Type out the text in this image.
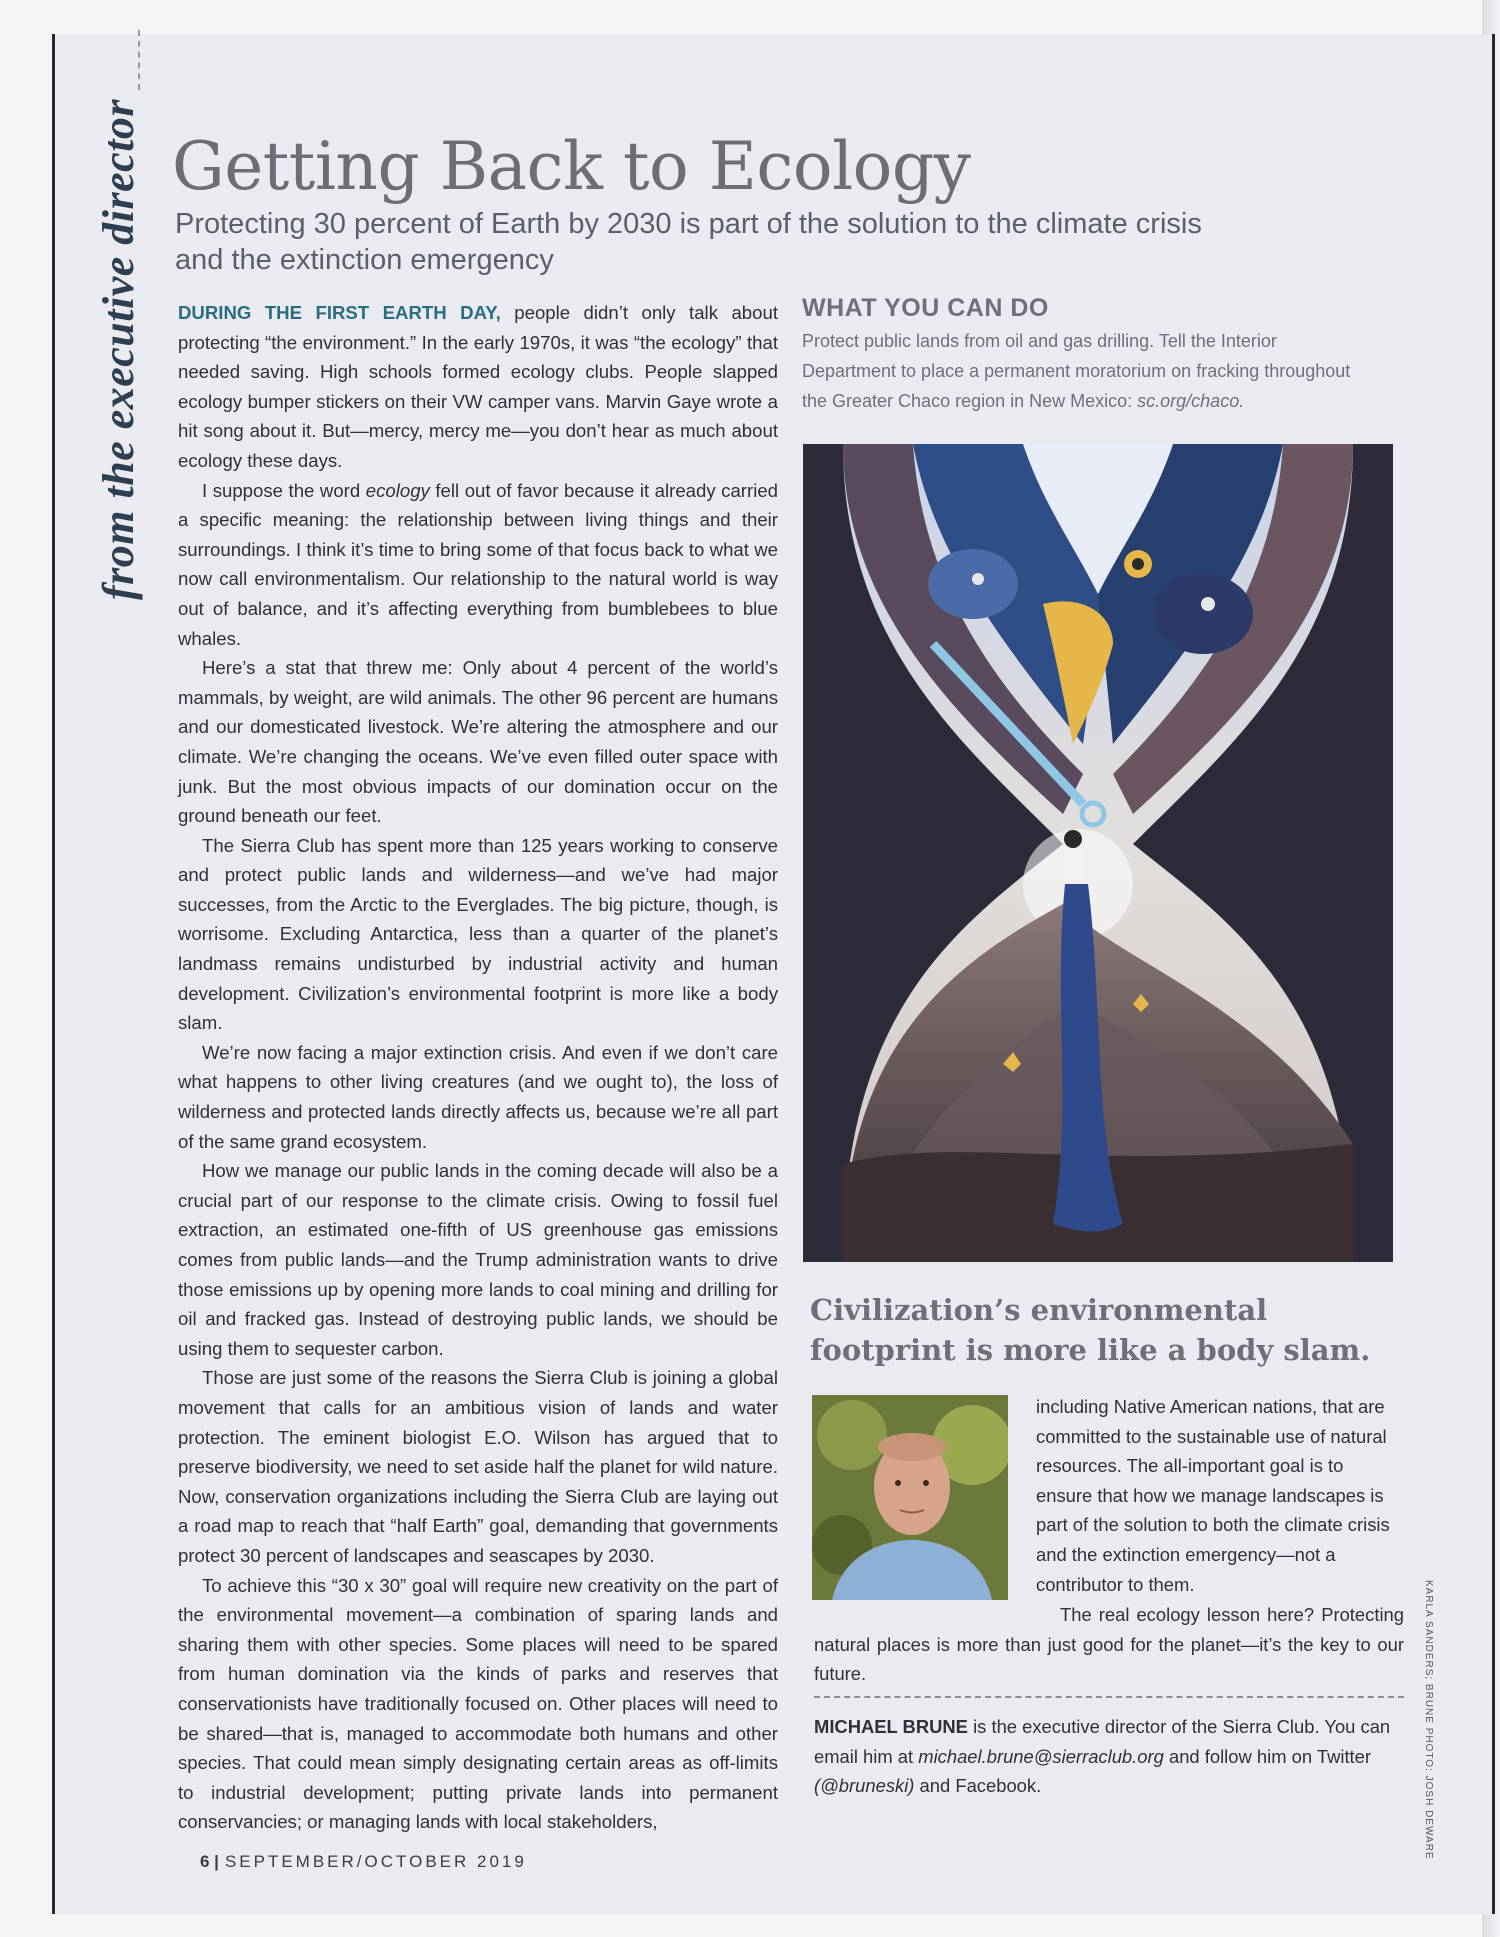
from the executive director Getting Back to Ecology

Protecting 30 percent of Earth by 2030 is part of the solution to the climate crisis and the extinction emergency

DURING THE FIRST EARTH DAY, people didn’t only talk about protecting “the environment.” In the early 1970s, it was “the ecology” that needed saving. High schools formed ecology clubs. People slapped ecology bumper stickers on their VW camper vans. Marvin Gaye wrote a hit song about it. But—mercy, mercy me—you don’t hear as much about ecology these days.

I suppose the word ecology fell out of favor because it already carried a specific meaning: the relationship between living things and their surroundings. I think it’s time to bring some of that focus back to what we now call environmentalism. Our relationship to the natural world is way out of balance, and it’s affecting everything from bumblebees to blue whales.

Here’s a stat that threw me: Only about 4 percent of the world’s mammals, by weight, are wild animals. The other 96 percent are humans and our domesticated livestock. We’re altering the atmosphere and our climate. We’re changing the oceans. We’ve even filled outer space with junk. But the most obvious impacts of our domination occur on the ground beneath our feet.

The Sierra Club has spent more than 125 years working to conserve and protect public lands and wilderness—and we’ve had major successes, from the Arctic to the Everglades. The big picture, though, is worrisome. Excluding Antarctica, less than a quarter of the planet’s landmass remains undisturbed by industrial activity and human development. Civilization’s environmental footprint is more like a body slam.

We’re now facing a major extinction crisis. And even if we don’t care what happens to other living creatures (and we ought to), the loss of wilderness and protected lands directly affects us, because we’re all part of the same grand ecosystem.

How we manage our public lands in the coming decade will also be a crucial part of our response to the climate crisis. Owing to fossil fuel extraction, an estimated one-fifth of US greenhouse gas emissions comes from public lands—and the Trump administration wants to drive those emissions up by opening more lands to coal mining and drilling for oil and fracked gas. Instead of destroying public lands, we should be using them to sequester carbon.

Those are just some of the reasons the Sierra Club is joining a global movement that calls for an ambitious vision of lands and water protection. The eminent biologist E.O. Wilson has argued that to preserve biodiversity, we need to set aside half the planet for wild nature. Now, conservation organizations including the Sierra Club are laying out a road map to reach that “half Earth” goal, demanding that governments protect 30 percent of landscapes and seascapes by 2030.

To achieve this “30 x 30” goal will require new creativity on the part of the environmental movement—a combination of sparing lands and sharing them with other species. Some places will need to be spared from human domination via the kinds of parks and reserves that conservationists have traditionally focused on. Other places will need to be shared—that is, managed to accommodate both humans and other species. That could mean simply designating certain areas as off-limits to industrial development; putting private lands into permanent conservancies; or managing lands with local stakeholders,

WHAT YOU CAN DO
Protect public lands from oil and gas drilling. Tell the Interior Department to place a permanent moratorium on fracking throughout the Greater Chaco region in New Mexico: sc.org/chaco.

Civilization’s environmental footprint is more like a body slam.

including Native American nations, that are committed to the sustainable use of natural resources. The all-important goal is to ensure that how we manage landscapes is part of the solution to both the climate crisis and the extinction emergency—not a contributor to them.

The real ecology lesson here? Protecting natural places is more than just good for the planet—it’s the key to our future.

MICHAEL BRUNE is the executive director of the Sierra Club. You can email him at michael.brune@sierraclub.org and follow him on Twitter (@bruneski) and Facebook.	KARLA SANDERS; BRUNE PHOTO: JOSH DEWARE
6 | SEPTEMBER/OCTOBER 2019
